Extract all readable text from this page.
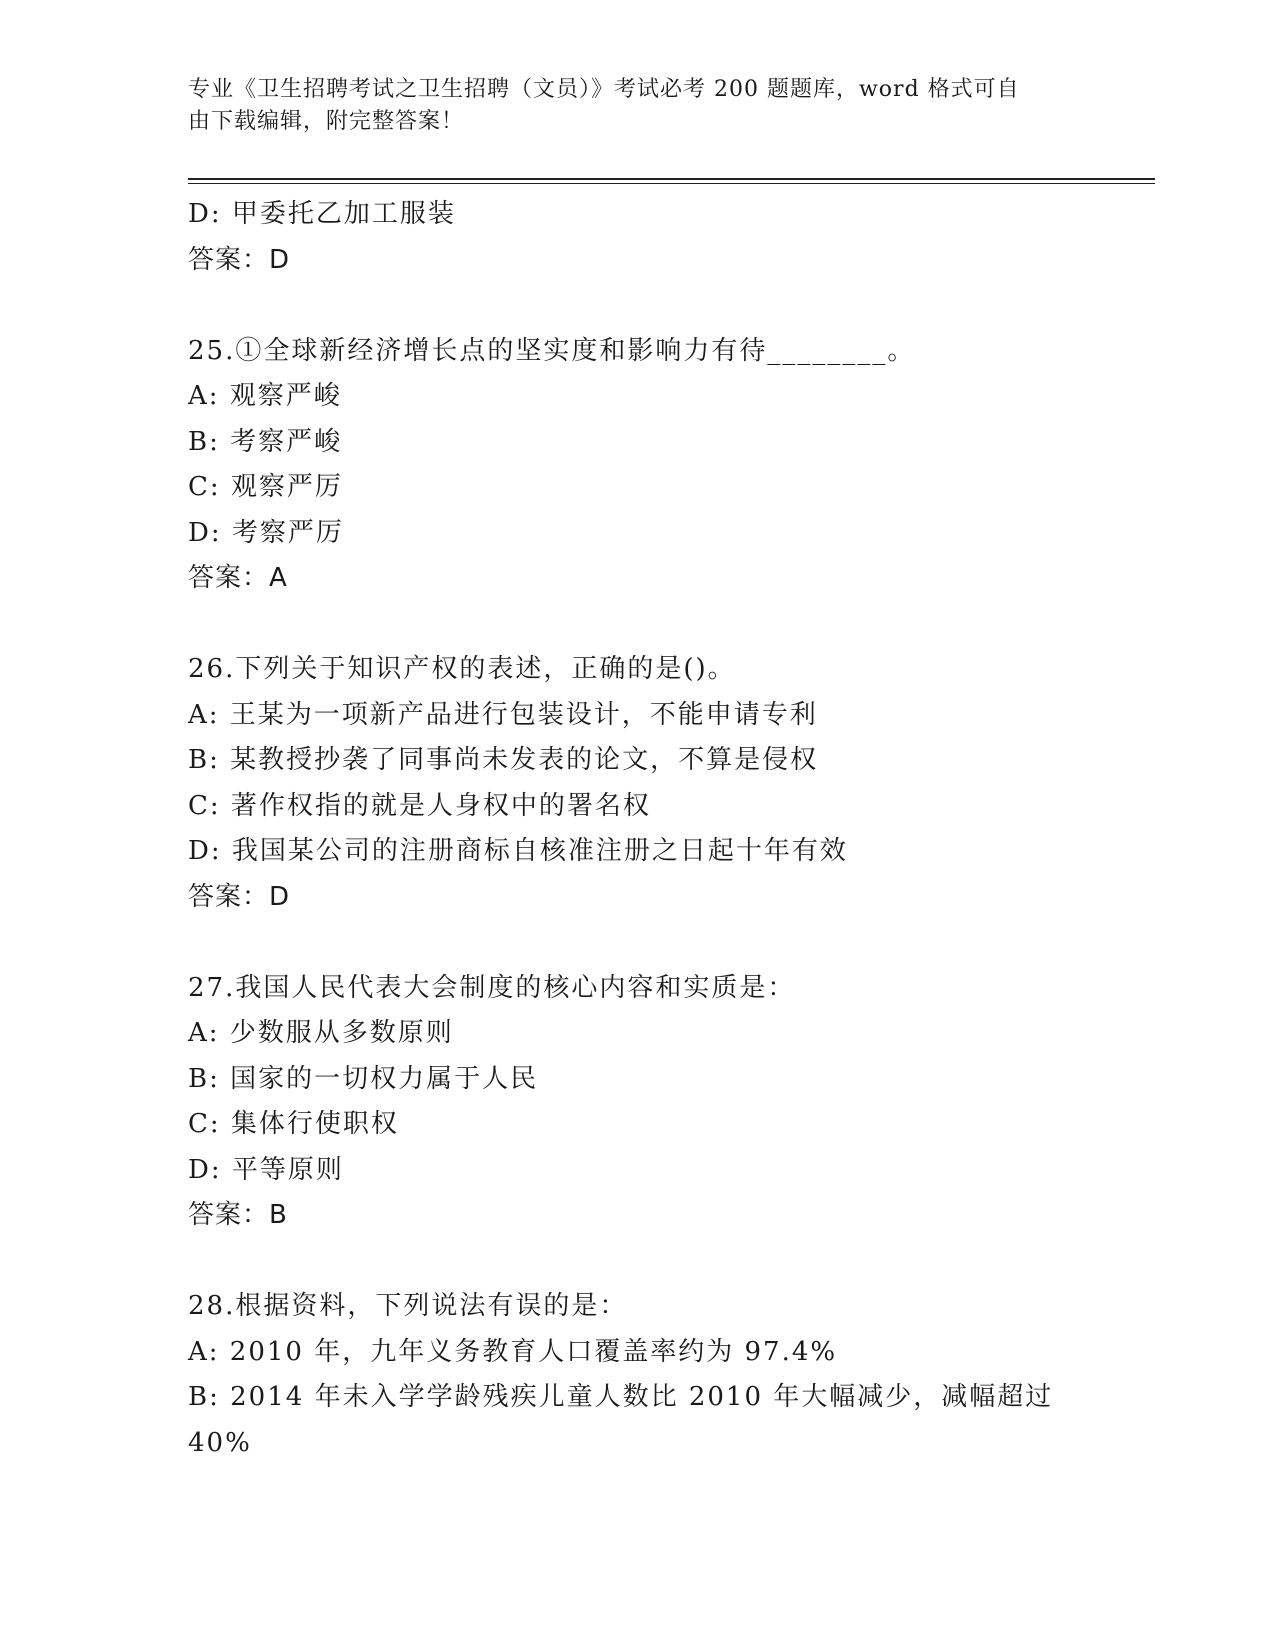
专业《卫生招聘考试之卫生招聘（文员）》考试必考 200 题题库，word 格式可自
由下载编辑，附完整答案！
D: 甲委托乙加工服装
答案：D
25.①全球新经济增长点的坚实度和影响力有待________。
A: 观察严峻
B: 考察严峻
C: 观察严厉
D: 考察严厉
答案：A
26.下列关于知识产权的表述，正确的是()。
A: 王某为一项新产品进行包装设计，不能申请专利
B: 某教授抄袭了同事尚未发表的论文，不算是侵权
C: 著作权指的就是人身权中的署名权
D: 我国某公司的注册商标自核准注册之日起十年有效
答案：D
27.我国人民代表大会制度的核心内容和实质是：
A: 少数服从多数原则
B: 国家的一切权力属于人民
C: 集体行使职权
D: 平等原则
答案：B
28.根据资料，下列说法有误的是：
A: 2010 年，九年义务教育人口覆盖率约为 97.4%
B: 2014 年未入学学龄残疾儿童人数比 2010 年大幅减少，减幅超过
40%
